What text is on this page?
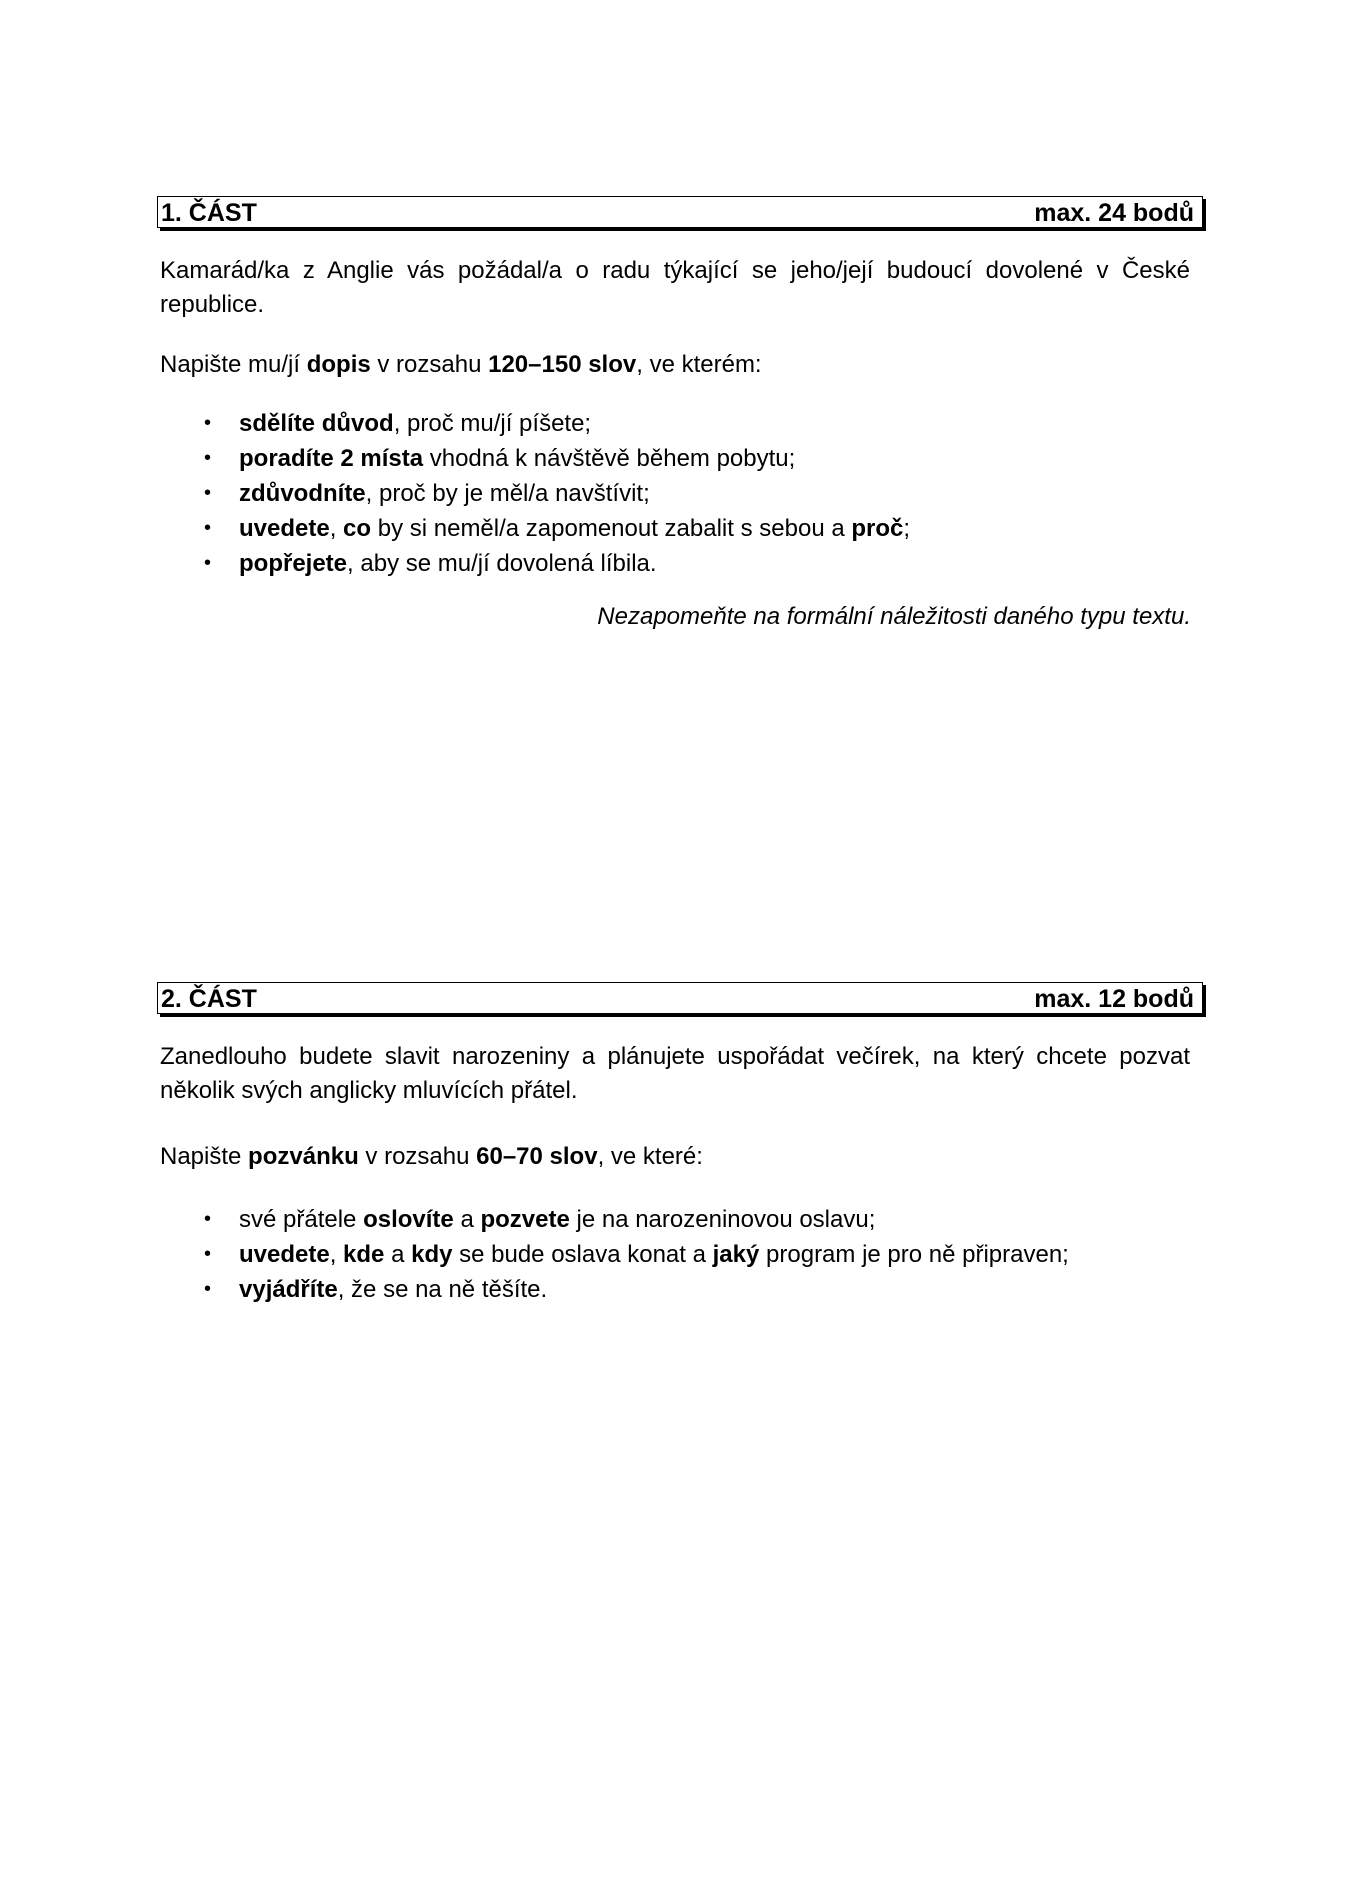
1. ČÁST	max. 24 bodů

Kamarád/ka z Anglie vás požádal/a o radu týkající se jeho/její budoucí dovolené v České republice.

Napište mu/jí dopis v rozsahu 120–150 slov, ve kterém:

• sdělíte důvod, proč mu/jí píšete;
• poradíte 2 místa vhodná k návštěvě během pobytu;
• zdůvodníte, proč by je měl/a navštívit;
• uvedete, co by si neměl/a zapomenout zabalit s sebou a proč;
• popřejete, aby se mu/jí dovolená líbila.
Nezapomeňte na formální náležitosti daného typu textu.
2. ČÁST	max. 12 bodů

Zanedlouho budete slavit narozeniny a plánujete uspořádat večírek, na který chcete pozvat několik svých anglicky mluvících přátel.

Napište pozvánku v rozsahu 60–70 slov, ve které:

• své přátele oslovíte a pozvete je na narozeninovou oslavu;
• uvedete, kde a kdy se bude oslava konat a jaký program je pro ně připraven;
• vyjádříte, že se na ně těšíte.
